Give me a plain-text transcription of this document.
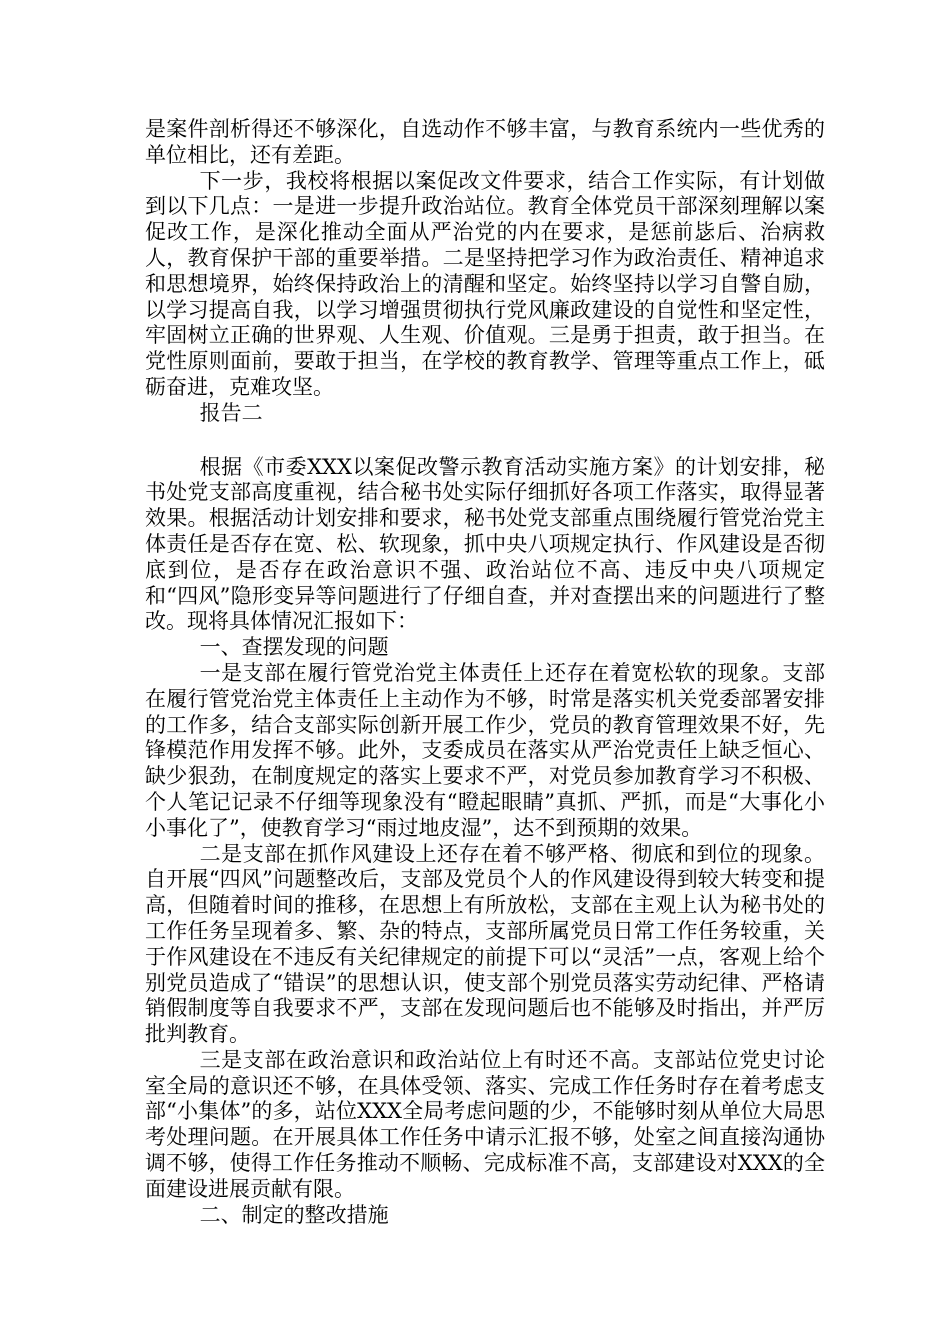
是案件剖析得还不够深化，自选动作不够丰富，与教育系统内一些优秀的单位相比，还有差距。

下一步，我校将根据以案促改文件要求，结合工作实际，有计划做到以下几点：一是进一步提升政治站位。教育全体党员干部深刻理解以案促改工作，是深化推动全面从严治党的内在要求，是惩前毖后、治病救人，教育保护干部的重要举措。二是坚持把学习作为政治责任、精神追求和思想境界，始终保持政治上的清醒和坚定。始终坚持以学习自警自励，以学习提高自我，以学习增强贯彻执行党风廉政建设的自觉性和坚定性，牢固树立正确的世界观、人生观、价值观。三是勇于担责，敢于担当。在党性原则面前，要敢于担当，在学校的教育教学、管理等重点工作上，砥砺奋进，克难攻坚。

报告二

根据《市委XXX以案促改警示教育活动实施方案》的计划安排，秘书处党支部高度重视，结合秘书处实际仔细抓好各项工作落实，取得显著效果。根据活动计划安排和要求，秘书处党支部重点围绕履行管党治党主体责任是否存在宽、松、软现象，抓中央八项规定执行、作风建设是否彻底到位，是否存在政治意识不强、政治站位不高、违反中央八项规定和“四风”隐形变异等问题进行了仔细自查，并对查摆出来的问题进行了整改。现将具体情况汇报如下：

一、查摆发现的问题

一是支部在履行管党治党主体责任上还存在着宽松软的现象。支部在履行管党治党主体责任上主动作为不够，时常是落实机关党委部署安排的工作多，结合支部实际创新开展工作少，党员的教育管理效果不好，先锋模范作用发挥不够。此外，支委成员在落实从严治党责任上缺乏恒心、缺少狠劲，在制度规定的落实上要求不严，对党员参加教育学习不积极、个人笔记记录不仔细等现象没有“瞪起眼睛”真抓、严抓，而是“大事化小小事化了”，使教育学习“雨过地皮湿”，达不到预期的效果。

二是支部在抓作风建设上还存在着不够严格、彻底和到位的现象。自开展“四风”问题整改后，支部及党员个人的作风建设得到较大转变和提高，但随着时间的推移，在思想上有所放松，支部在主观上认为秘书处的工作任务呈现着多、繁、杂的特点，支部所属党员日常工作任务较重，关于作风建设在不违反有关纪律规定的前提下可以“灵活”一点，客观上给个别党员造成了“错误”的思想认识，使支部个别党员落实劳动纪律、严格请销假制度等自我要求不严，支部在发现问题后也不能够及时指出，并严厉批判教育。

三是支部在政治意识和政治站位上有时还不高。支部站位党史讨论室全局的意识还不够，在具体受领、落实、完成工作任务时存在着考虑支部“小集体”的多，站位XXX全局考虑问题的少，不能够时刻从单位大局思考处理问题。在开展具体工作任务中请示汇报不够，处室之间直接沟通协调不够，使得工作任务推动不顺畅、完成标准不高，支部建设对XXX的全面建设进展贡献有限。

二、制定的整改措施
